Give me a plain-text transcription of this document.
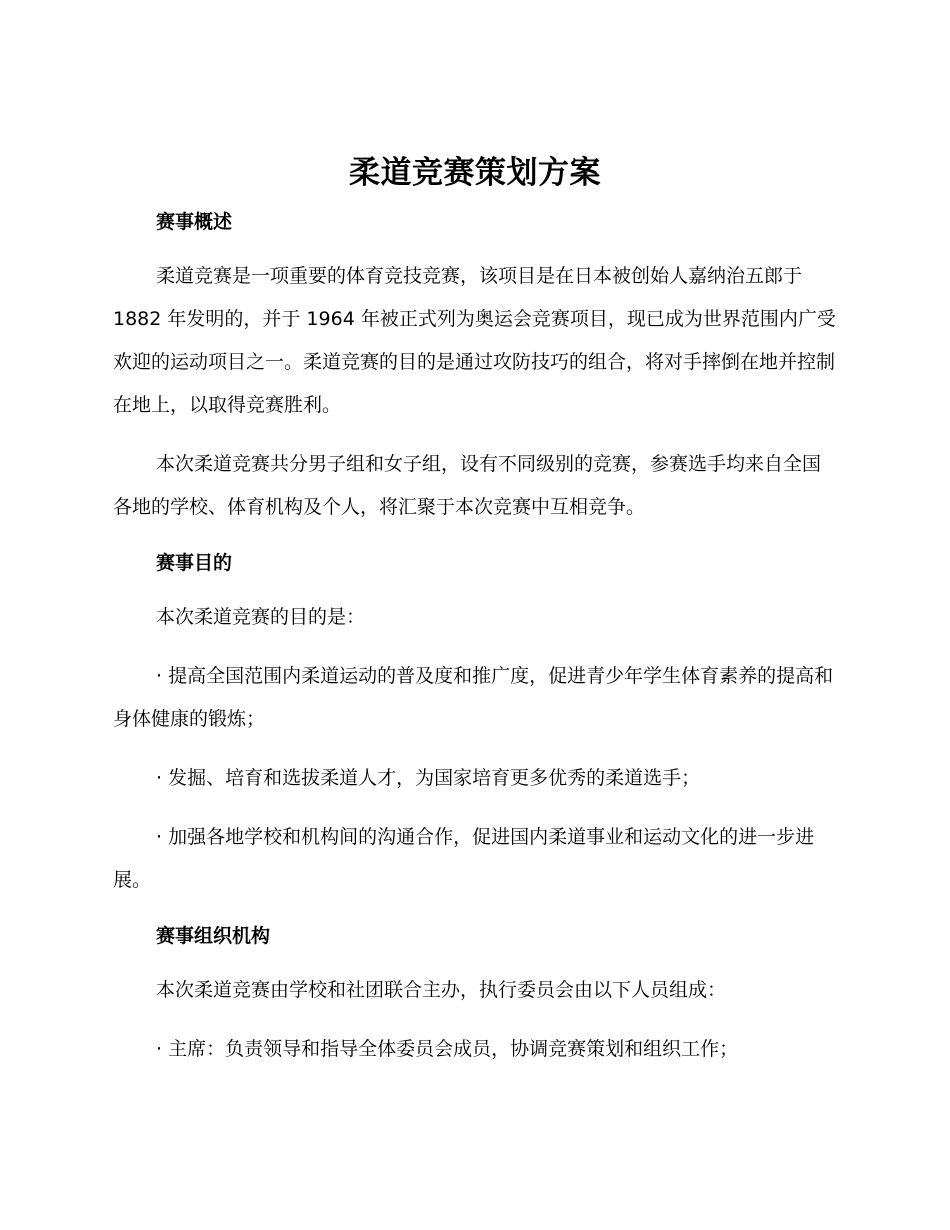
柔道竞赛策划方案
赛事概述
柔道竞赛是一项重要的体育竞技竞赛，该项目是在日本被创始人嘉纳治五郎于 1882 年发明的，并于 1964 年被正式列为奥运会竞赛项目，现已成为世界范围内广受欢迎的运动项目之一。柔道竞赛的目的是通过攻防技巧的组合，将对手摔倒在地并控制在地上，以取得竞赛胜利。
本次柔道竞赛共分男子组和女子组，设有不同级别的竞赛，参赛选手均来自全国各地的学校、体育机构及个人，将汇聚于本次竞赛中互相竞争。
赛事目的
本次柔道竞赛的目的是：
· 提高全国范围内柔道运动的普及度和推广度，促进青少年学生体育素养的提高和身体健康的锻炼；
· 发掘、培育和选拔柔道人才，为国家培育更多优秀的柔道选手；
· 加强各地学校和机构间的沟通合作，促进国内柔道事业和运动文化的进一步进展。
赛事组织机构
本次柔道竞赛由学校和社团联合主办，执行委员会由以下人员组成：
· 主席：负责领导和指导全体委员会成员，协调竞赛策划和组织工作；
